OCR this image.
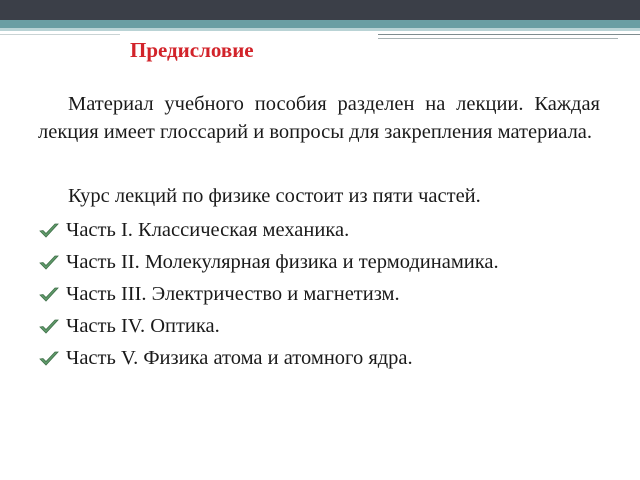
Предисловие

Материал учебного пособия разделен на лекции. Каждая лекция имеет глоссарий и вопросы для закрепления материала.

Курс лекций по физике состоит из пяти частей.

Часть I. Классическая механика.
Часть II. Молекулярная физика и термодинамика.
Часть III. Электричество и магнетизм.
Часть IV. Оптика.
Часть V. Физика атома и атомного ядра.
